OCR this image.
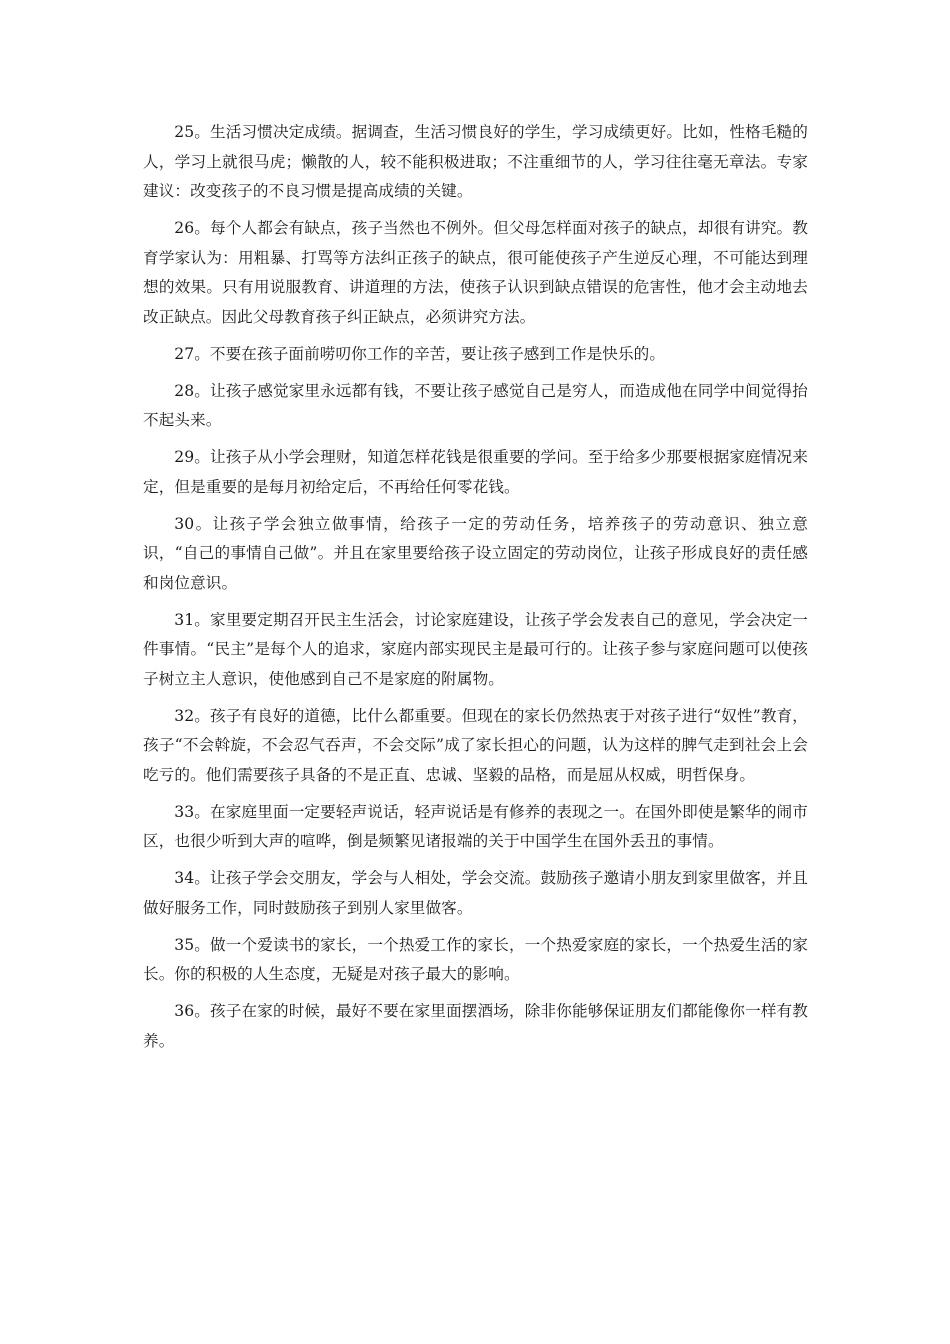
25。生活习惯决定成绩。据调查，生活习惯良好的学生，学习成绩更好。比如，性格毛糙的人，学习上就很马虎；懒散的人，较不能积极进取；不注重细节的人，学习往往毫无章法。专家建议：改变孩子的不良习惯是提高成绩的关键。

26。每个人都会有缺点，孩子当然也不例外。但父母怎样面对孩子的缺点，却很有讲究。教育学家认为：用粗暴、打骂等方法纠正孩子的缺点，很可能使孩子产生逆反心理，不可能达到理想的效果。只有用说服教育、讲道理的方法，使孩子认识到缺点错误的危害性，他才会主动地去改正缺点。因此父母教育孩子纠正缺点，必须讲究方法。

27。不要在孩子面前唠叨你工作的辛苦，要让孩子感到工作是快乐的。

28。让孩子感觉家里永远都有钱，不要让孩子感觉自己是穷人，而造成他在同学中间觉得抬不起头来。

29。让孩子从小学会理财，知道怎样花钱是很重要的学问。至于给多少那要根据家庭情况来定，但是重要的是每月初给定后，不再给任何零花钱。

30。让孩子学会独立做事情，给孩子一定的劳动任务，培养孩子的劳动意识、独立意识，“自己的事情自己做”。并且在家里要给孩子设立固定的劳动岗位，让孩子形成良好的责任感和岗位意识。

31。家里要定期召开民主生活会，讨论家庭建设，让孩子学会发表自己的意见，学会决定一件事情。“民主”是每个人的追求，家庭内部实现民主是最可行的。让孩子参与家庭问题可以使孩子树立主人意识，使他感到自己不是家庭的附属物。

32。孩子有良好的道德，比什么都重要。但现在的家长仍然热衷于对孩子进行“奴性”教育，孩子“不会斡旋，不会忍气吞声，不会交际”成了家长担心的问题，认为这样的脾气走到社会上会吃亏的。他们需要孩子具备的不是正直、忠诚、坚毅的品格，而是屈从权威，明哲保身。

33。在家庭里面一定要轻声说话，轻声说话是有修养的表现之一。在国外即使是繁华的闹市区，也很少听到大声的喧哗，倒是频繁见诸报端的关于中国学生在国外丢丑的事情。

34。让孩子学会交朋友，学会与人相处，学会交流。鼓励孩子邀请小朋友到家里做客，并且做好服务工作，同时鼓励孩子到别人家里做客。

35。做一个爱读书的家长，一个热爱工作的家长，一个热爱家庭的家长，一个热爱生活的家长。你的积极的人生态度，无疑是对孩子最大的影响。

36。孩子在家的时候，最好不要在家里面摆酒场，除非你能够保证朋友们都能像你一样有教养。
